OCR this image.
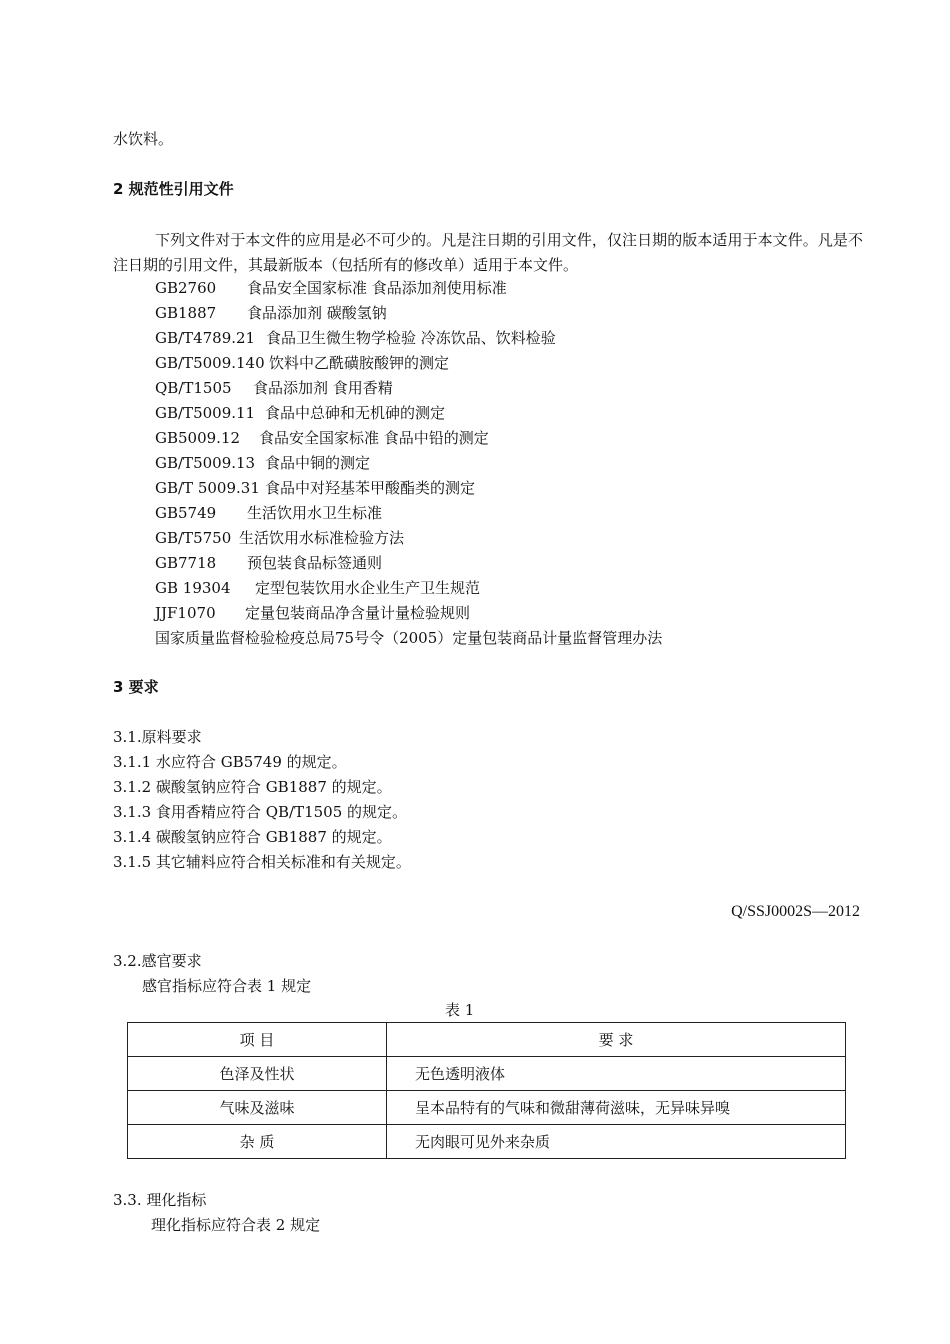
水饮料。
2 规范性引用文件
下列文件对于本文件的应用是必不可少的。凡是注日期的引用文件，仅注日期的版本适用于本文件。凡是不注日期的引用文件，其最新版本（包括所有的修改单）适用于本文件。
GB2760 食品安全国家标准 食品添加剂使用标准
GB1887 食品添加剂 碳酸氢钠
GB/T4789.21 食品卫生微生物学检验 冷冻饮品、饮料检验
GB/T5009.140 饮料中乙酰磺胺酸钾的测定
QB/T1505 食品添加剂 食用香精
GB/T5009.11 食品中总砷和无机砷的测定
GB5009.12 食品安全国家标准 食品中铅的测定
GB/T5009.13 食品中铜的测定
GB/T 5009.31 食品中对羟基苯甲酸酯类的测定
GB5749 生活饮用水卫生标准
GB/T5750 生活饮用水标准检验方法
GB7718 预包装食品标签通则
GB 19304 定型包装饮用水企业生产卫生规范
JJF1070 定量包装商品净含量计量检验规则
国家质量监督检验检疫总局75号令（2005）定量包装商品计量监督管理办法
3 要求
3.1.原料要求
3.1.1 水应符合 GB5749 的规定。
3.1.2 碳酸氢钠应符合 GB1887 的规定。
3.1.3 食用香精应符合 QB/T1505 的规定。
3.1.4 碳酸氢钠应符合 GB1887 的规定。
3.1.5 其它辅料应符合相关标准和有关规定。
Q/SSJ0002S—2012
3.2.感官要求
感官指标应符合表 1 规定
表 1
项 目	要 求
色泽及性状	无色透明液体
气味及滋味	呈本品特有的气味和微甜薄荷滋味，无异味异嗅
杂 质	无肉眼可见外来杂质
3.3. 理化指标
理化指标应符合表 2 规定
